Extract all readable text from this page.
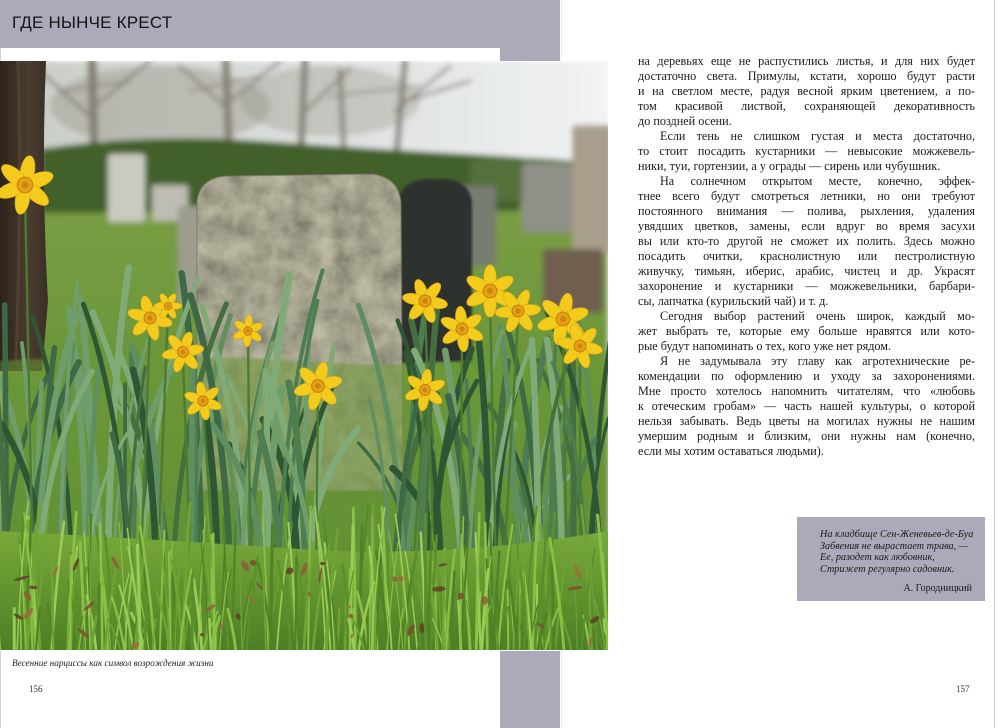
ГДЕ НЫНЧЕ КРЕСТ
Весенние нарциссы как символ возрождения жизни
156
на деревьях еще не распустились листья, и для них будет
достаточно света. Примулы, кстати, хорошо будут расти
и на светлом месте, радуя весной ярким цветением, а по-
том красивой листвой, сохраняющей декоративность
до поздней осени.
Если тень не слишком густая и места достаточно,
то стоит посадить кустарники — невысокие можжевель-
ники, туи, гортензии, а у ограды — сирень или чубушник.
На солнечном открытом месте, конечно, эффек-
тнее всего будут смотреться летники, но они требуют
постоянного внимания — полива, рыхления, удаления
увядших цветков, замены, если вдруг во время засухи
вы или кто-то другой не сможет их полить. Здесь можно
посадить очитки, краснолистную или пестролистную
живучку, тимьян, иберис, арабис, чистец и др. Украсят
захоронение и кустарники — можжевельники, барбари-
сы, лапчатка (курильский чай) и т. д.
Сегодня выбор растений очень широк, каждый мо-
жет выбрать те, которые ему больше нравятся или кото-
рые будут напоминать о тех, кого уже нет рядом.
Я не задумывала эту главу как агротехнические ре-
комендации по оформлению и уходу за захоронениями.
Мне просто хотелось напомнить читателям, что «любовь
к отеческим гробам» — часть нашей культуры, о которой
нельзя забывать. Ведь цветы на могилах нужны не нашим
умершим родным и близким, они нужны нам (конечно,
если мы хотим оставаться людьми).
На кладбище Сен-Женевьев-де-Буа
Забвения не вырастает трава, —
Ее, разодет как любовник,
Стрижет регулярно садовник.
А. Городницкий
157
